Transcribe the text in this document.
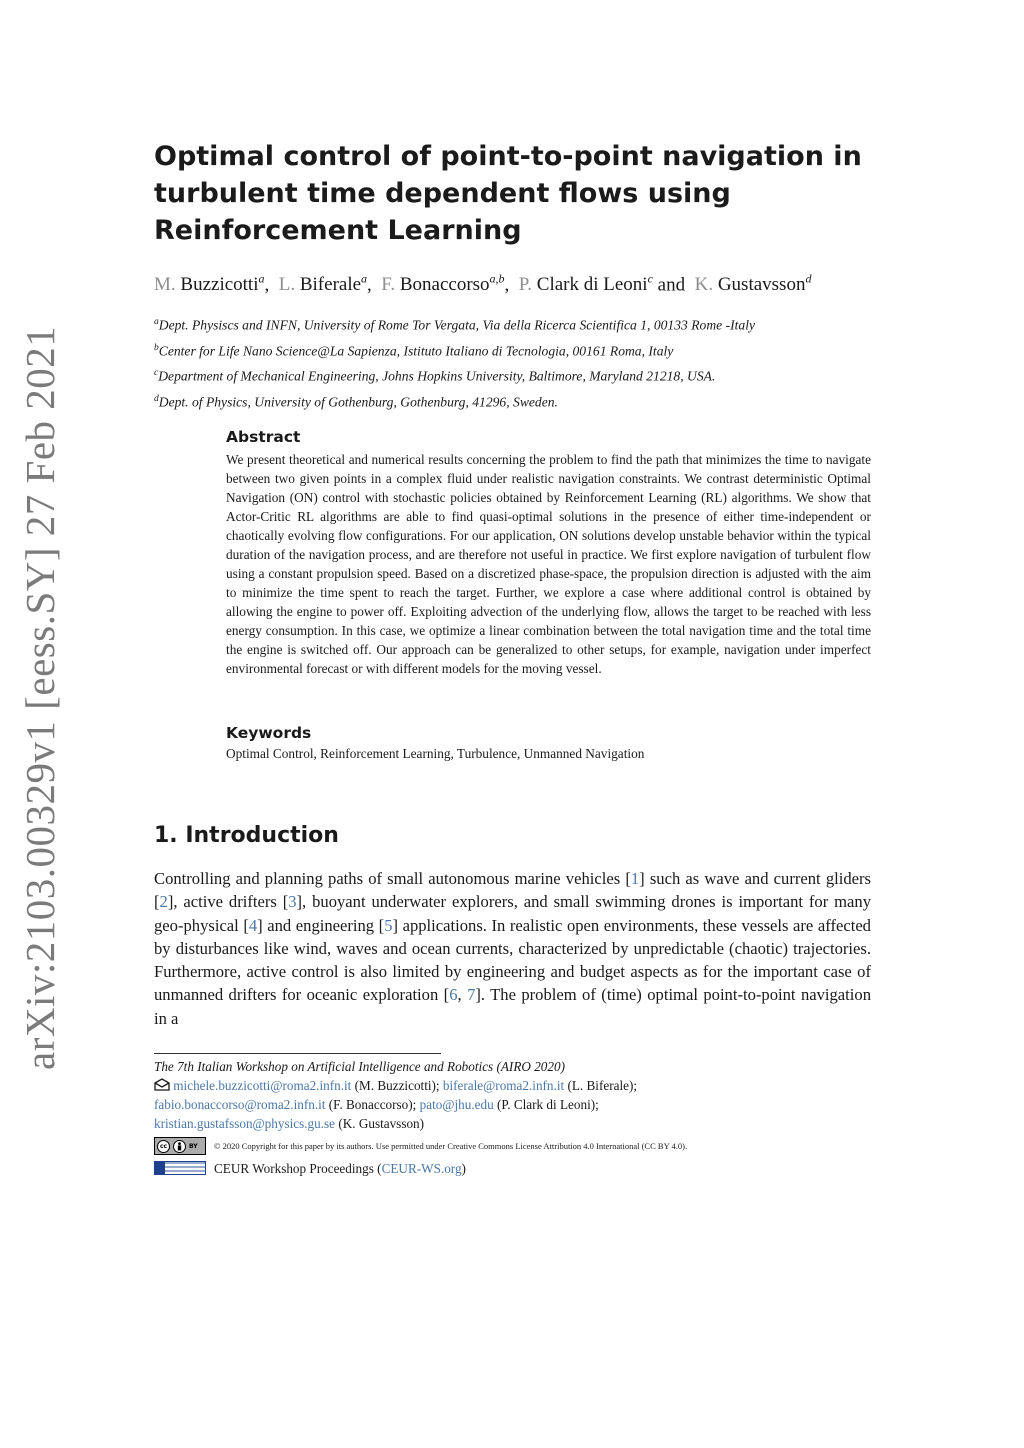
arXiv:2103.00329v1 [eess.SY] 27 Feb 2021
Optimal control of point-to-point navigation in turbulent time dependent flows using Reinforcement Learning
M. Buzzicotti$^a$,  L. Biferale$^a$,  F. Bonaccorso$^{a,b}$,  P. Clark di Leoni$^c$ and K. Gustavsson$^d$
$^a$Dept. Physiscs and INFN, University of Rome Tor Vergata, Via della Ricerca Scientifica 1, 00133 Rome -Italy
$^b$Center for Life Nano Science@La Sapienza, Istituto Italiano di Tecnologia, 00161 Roma, Italy
$^c$Department of Mechanical Engineering, Johns Hopkins University, Baltimore, Maryland 21218, USA.
$^d$Dept. of Physics, University of Gothenburg, Gothenburg, 41296, Sweden.
Abstract

We present theoretical and numerical results concerning the problem to find the path that minimizes the time to navigate between two given points in a complex fluid under realistic navigation constraints. We contrast deterministic Optimal Navigation (ON) control with stochastic policies obtained by Reinforcement Learning (RL) algorithms. We show that Actor-Critic RL algorithms are able to find quasi-optimal solutions in the presence of either time-independent or chaotically evolving flow configurations. For our application, ON solutions develop unstable behavior within the typical duration of the navigation process, and are therefore not useful in practice. We first explore navigation of turbulent flow using a constant propulsion speed. Based on a discretized phase-space, the propulsion direction is adjusted with the aim to minimize the time spent to reach the target. Further, we explore a case where additional control is obtained by allowing the engine to power off. Exploiting advection of the underlying flow, allows the target to be reached with less energy consumption. In this case, we optimize a linear combination between the total navigation time and the total time the engine is switched off. Our approach can be generalized to other setups, for example, navigation under imperfect environmental forecast or with different models for the moving vessel.

Keywords
Optimal Control, Reinforcement Learning, Turbulence, Unmanned Navigation
1. Introduction

Controlling and planning paths of small autonomous marine vehicles [1] such as wave and current gliders [2], active drifters [3], buoyant underwater explorers, and small swimming drones is important for many geo-physical [4] and engineering [5] applications. In realistic open environments, these vessels are affected by disturbances like wind, waves and ocean currents, characterized by unpredictable (chaotic) trajectories. Furthermore, active control is also limited by engineering and budget aspects as for the important case of unmanned drifters for oceanic exploration [6, 7]. The problem of (time) optimal point-to-point navigation in a

The 7th Italian Workshop on Artificial Intelligence and Robotics (AIRO 2020)
michele.buzzicotti@roma2.infn.it (M. Buzzicotti); biferale@roma2.infn.it (L. Biferale);
fabio.bonaccorso@roma2.infn.it (F. Bonaccorso); pato@jhu.edu (P. Clark di Leoni);
kristian.gustafsson@physics.gu.se (K. Gustavsson)
cc	BY © 2020 Copyright for this paper by its authors. Use permitted under Creative Commons License Attribution 4.0 International (CC BY 4.0).
CEUR Workshop Proceedings (CEUR-WS.org)
